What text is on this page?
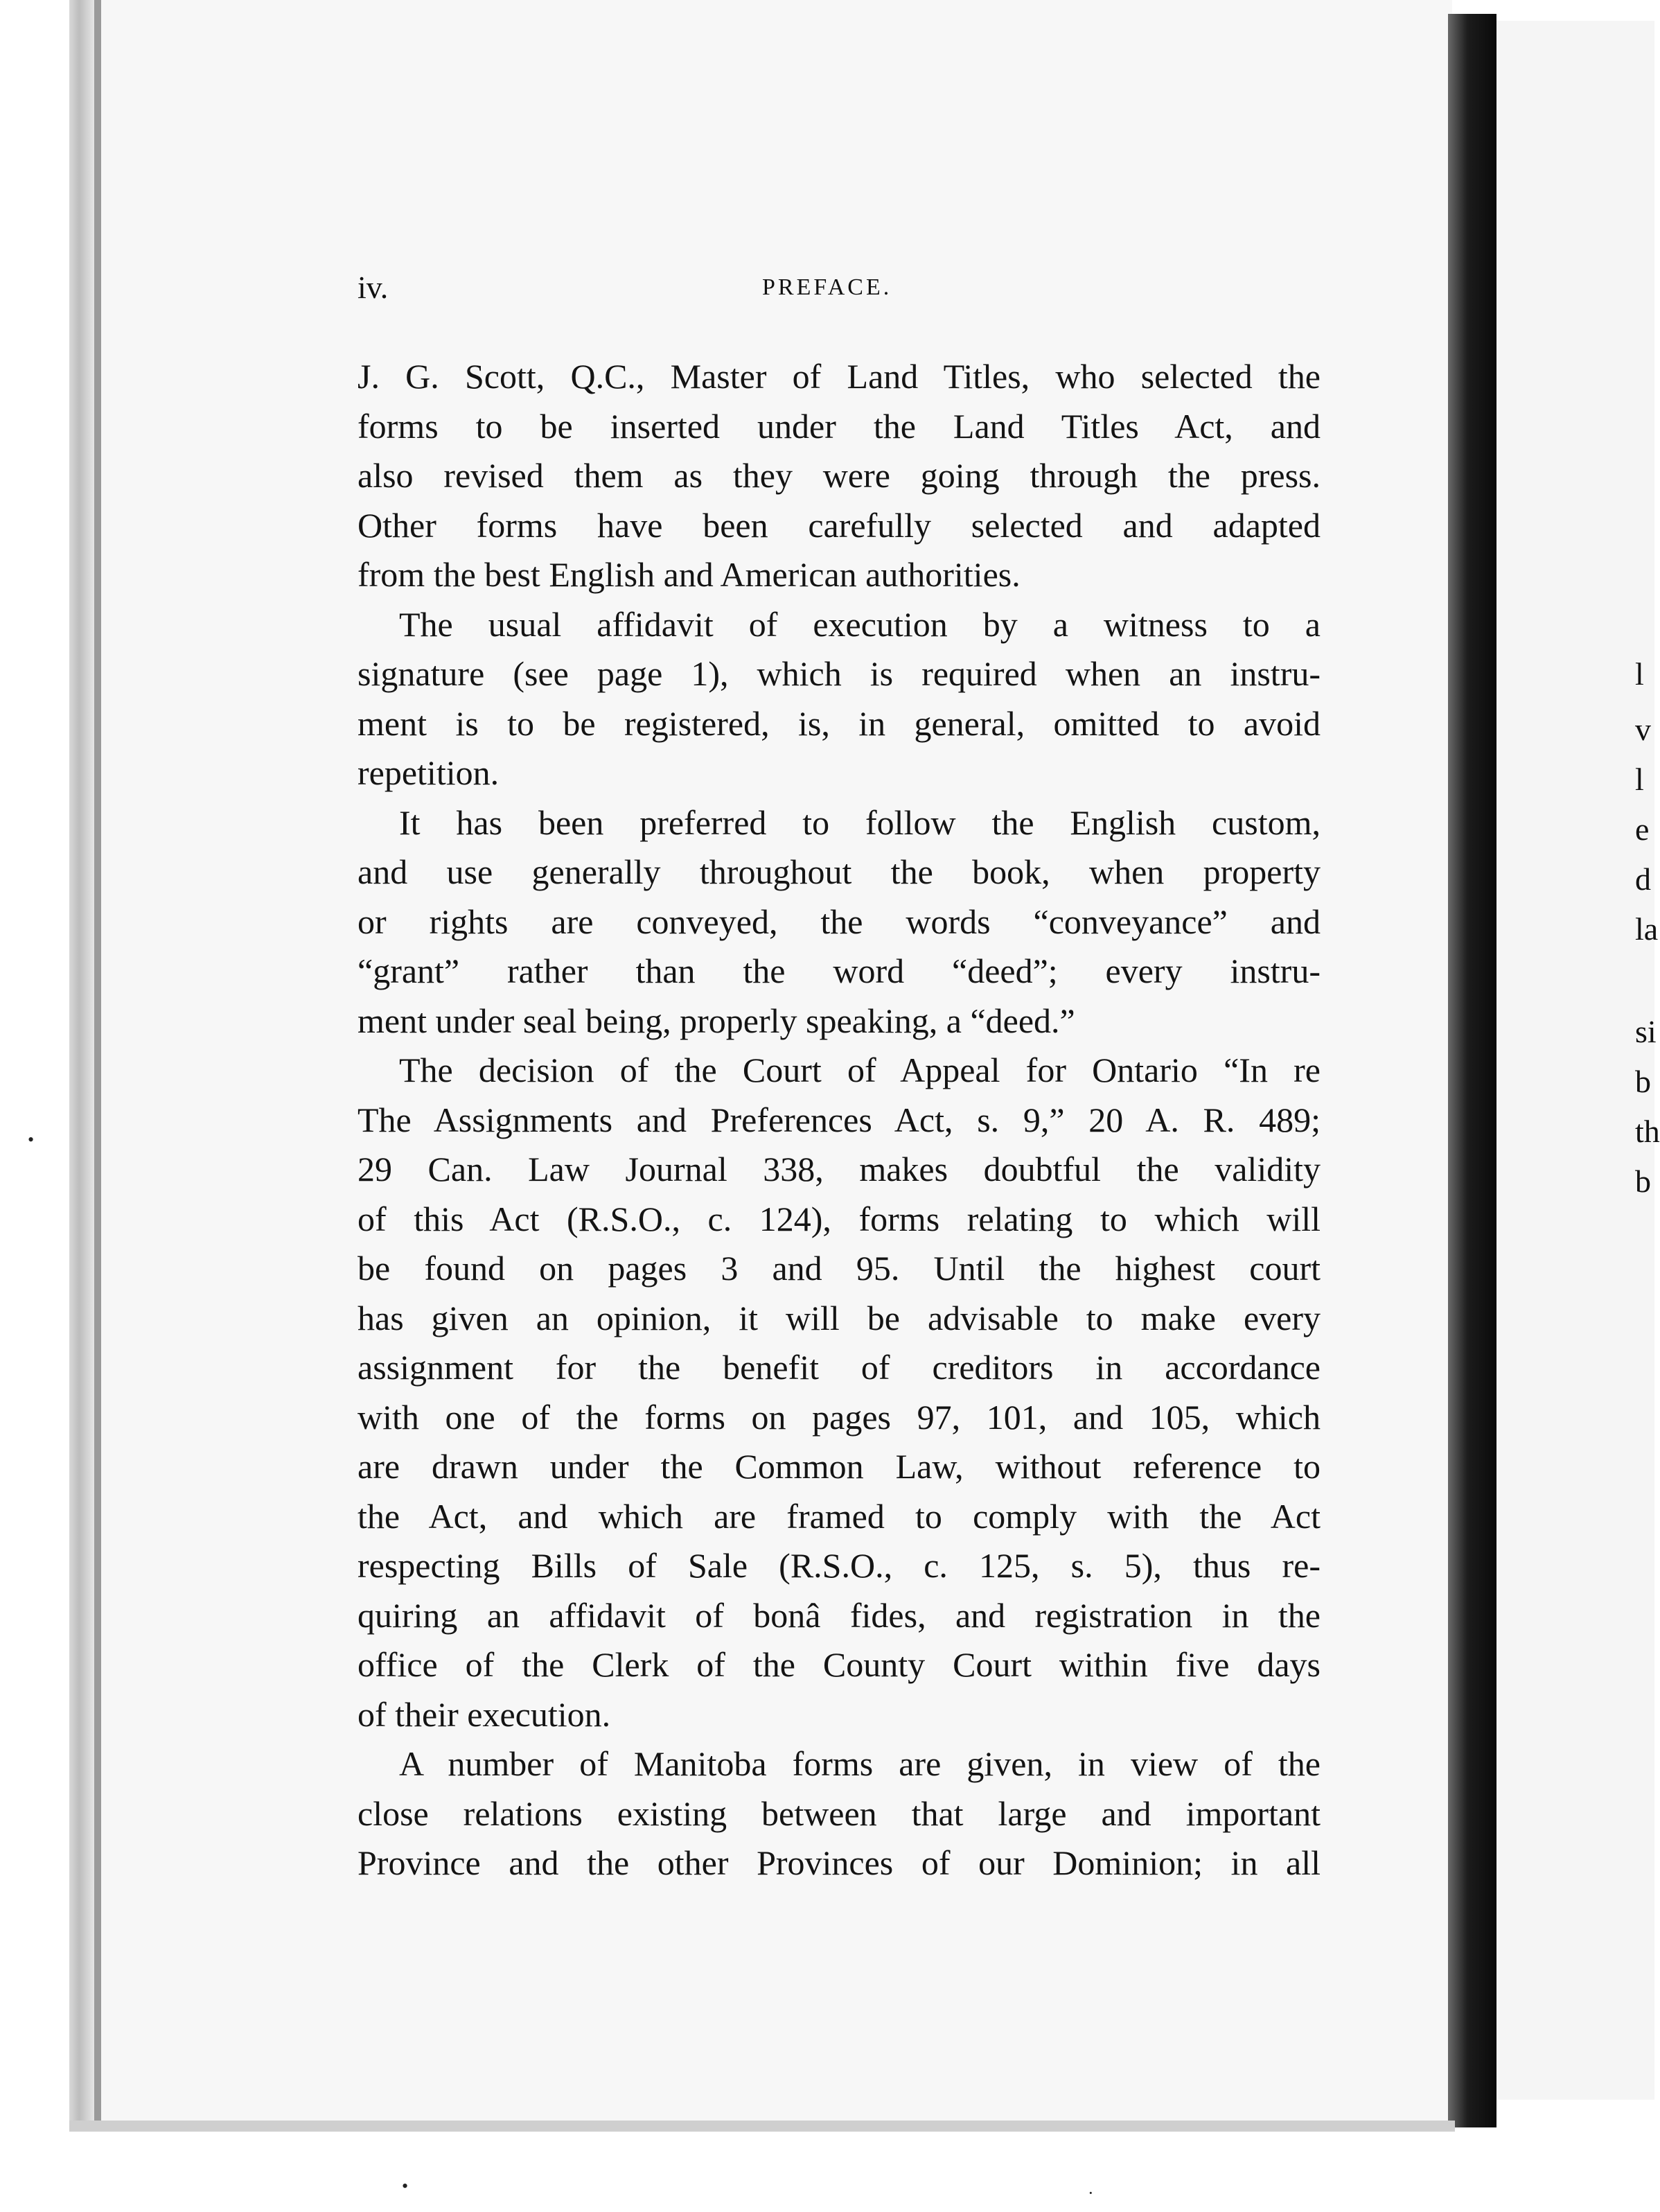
l
v
l
e
d
la
si
b
th
b
iv.	PREFACE.

J. G. Scott, Q.C., Master of Land Titles, who selected the
forms to be inserted under the Land Titles Act, and
also revised them as they were going through the press.
Other forms have been carefully selected and adapted
from the best English and American authorities.

The usual affidavit of execution by a witness to a
signature (see page 1), which is required when an instru-
ment is to be registered, is, in general, omitted to avoid
repetition.

It has been preferred to follow the English custom,
and use generally throughout the book, when property
or rights are conveyed, the words “conveyance” and
“grant” rather than the word “deed”; every instru-
ment under seal being, properly speaking, a “deed.”

The decision of the Court of Appeal for Ontario “In re
The Assignments and Preferences Act, s. 9,” 20 A. R. 489;
29 Can. Law Journal 338, makes doubtful the validity
of this Act (R.S.O., c. 124), forms relating to which will
be found on pages 3 and 95. Until the highest court
has given an opinion, it will be advisable to make every
assignment for the benefit of creditors in accordance
with one of the forms on pages 97, 101, and 105, which
are drawn under the Common Law, without reference to
the Act, and which are framed to comply with the Act
respecting Bills of Sale (R.S.O., c. 125, s. 5), thus re-
quiring an affidavit of bonâ fides, and registration in the
office of the Clerk of the County Court within five days
of their execution.

A number of Manitoba forms are given, in view of the
close relations existing between that large and important
Province and the other Provinces of our Dominion; in all

•
•	·
